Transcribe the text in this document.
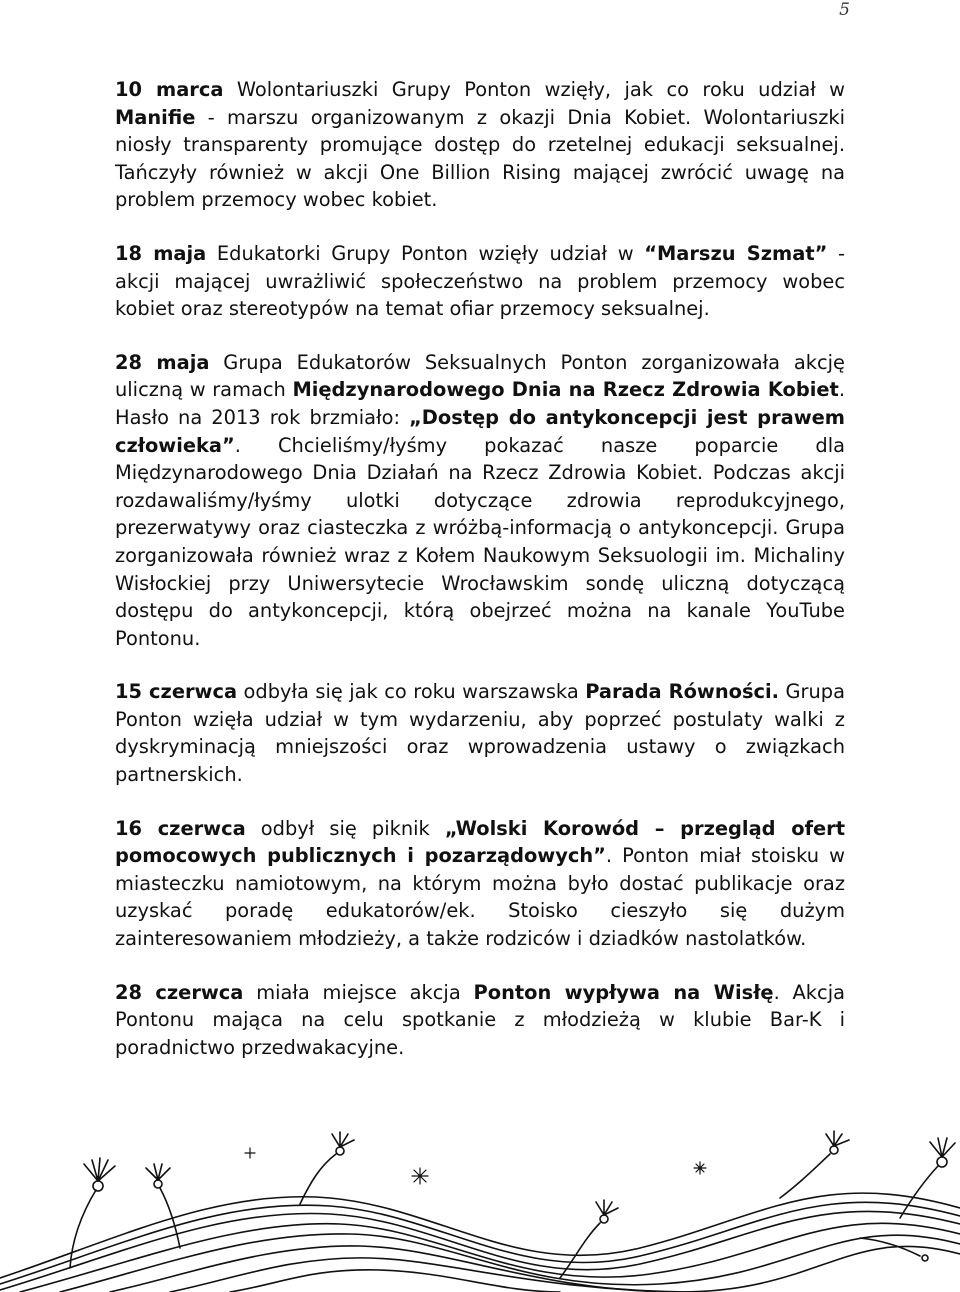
5

10 marca Wolontariuszki Grupy Ponton wzięły, jak co roku udział w Manifie - marszu organizowanym z okazji Dnia Kobiet. Wolontariuszki niosły transparenty promujące dostęp do rzetelnej edukacji seksualnej. Tańczyły również w akcji One Billion Rising mającej zwrócić uwagę na problem przemocy wobec kobiet.

18 maja Edukatorki Grupy Ponton wzięły udział w “Marszu Szmat” - akcji mającej uwrażliwić społeczeństwo na problem przemocy wobec kobiet oraz stereotypów na temat ofiar przemocy seksualnej.

28 maja Grupa Edukatorów Seksualnych Ponton zorganizowała akcję uliczną w ramach Międzynarodowego Dnia na Rzecz Zdrowia Kobiet. Hasło na 2013 rok brzmiało: „Dostęp do antykoncepcji jest prawem człowieka”. Chcieliśmy/łyśmy pokazać nasze poparcie dla Międzynarodowego Dnia Działań na Rzecz Zdrowia Kobiet. Podczas akcji rozdawaliśmy/łyśmy ulotki dotyczące zdrowia reprodukcyjnego, prezerwatywy oraz ciasteczka z wróżbą-informacją o antykoncepcji. Grupa zorganizowała również wraz z Kołem Naukowym Seksuologii im. Michaliny Wisłockiej przy Uniwersytecie Wrocławskim sondę uliczną dotyczącą dostępu do antykoncepcji, którą obejrzeć można na kanale YouTube Pontonu.

15 czerwca odbyła się jak co roku warszawska Parada Równości. Grupa Ponton wzięła udział w tym wydarzeniu, aby poprzeć postulaty walki z dyskryminacją mniejszości oraz wprowadzenia ustawy o związkach partnerskich.

16 czerwca odbył się piknik „Wolski Korowód – przegląd ofert pomocowych publicznych i pozarządowych”. Ponton miał stoisku w miasteczku namiotowym, na którym można było dostać publikacje oraz uzyskać poradę edukatorów/ek. Stoisko cieszyło się dużym zainteresowaniem młodzieży, a także rodziców i dziadków nastolatków.

28 czerwca miała miejsce akcja Ponton wypływa na Wisłę. Akcja Pontonu mająca na celu spotkanie z młodzieżą w klubie Bar-K i poradnictwo przedwakacyjne.
